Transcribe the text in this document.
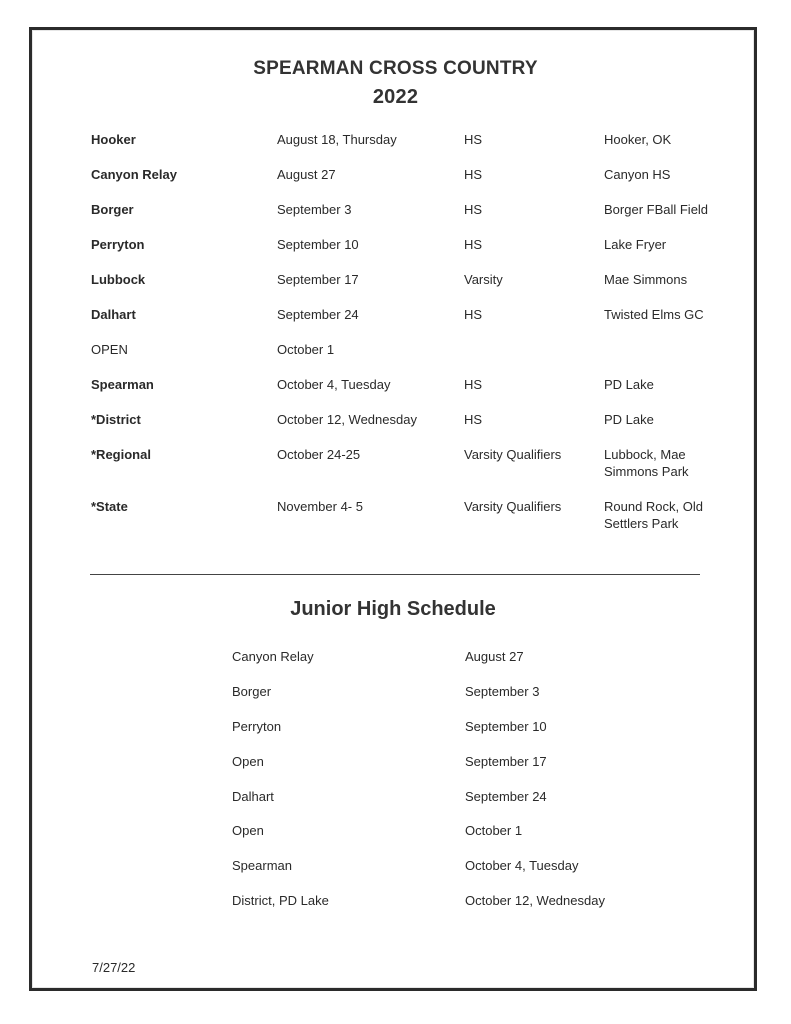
SPEARMAN CROSS COUNTRY
2022
Hooker	August 18, Thursday	HS	Hooker, OK
Canyon Relay	August 27	HS	Canyon HS
Borger	September 3	HS	Borger FBall Field
Perryton	September 10	HS	Lake Fryer
Lubbock	September 17	Varsity	Mae Simmons
Dalhart	September 24	HS	Twisted Elms GC
OPEN	October 1
Spearman	October 4, Tuesday	HS	PD Lake
*District	October 12, Wednesday	HS	PD Lake
*Regional	October 24-25	Varsity Qualifiers	Lubbock, Mae Simmons Park
*State	November 4- 5	Varsity Qualifiers	Round Rock, Old Settlers Park
Junior High Schedule
Canyon Relay	August 27
Borger	September 3
Perryton	September 10
Open	September 17
Dalhart	September 24
Open	October 1
Spearman	October 4, Tuesday
District, PD Lake	October 12, Wednesday
7/27/22
